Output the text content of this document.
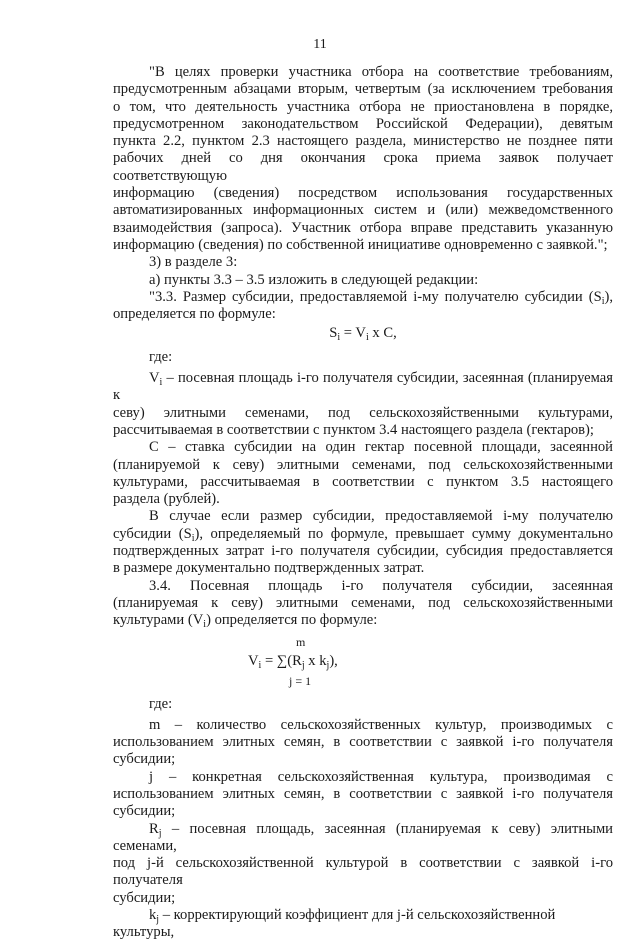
11

"В целях проверки участника отбора на соответствие требованиям,

предусмотренным абзацами вторым, четвертым (за исключением требования

о том, что деятельность участника отбора не приостановлена в порядке,

предусмотренном законодательством Российской Федерации), девятым

пункта 2.2, пунктом 2.3 настоящего раздела, министерство не позднее пяти

рабочих дней со дня окончания срока приема заявок получает соответствующую

информацию (сведения) посредством использования государственных

автоматизированных информационных систем и (или) межведомственного

взаимодействия (запроса). Участник отбора вправе представить указанную

информацию (сведения) по собственной инициативе одновременно с заявкой.";

3) в разделе 3:

а) пункты 3.3 – 3.5 изложить в следующей редакции:

"3.3. Размер субсидии, предоставляемой i-му получателю субсидии $(S_i)$,

определяется по формуле:

$S_i = V_i$ x C,

где:

$V_i$ – посевная площадь i-го получателя субсидии, засеянная (планируемая к

севу) элитными семенами, под сельскохозяйственными культурами,

рассчитываемая в соответствии с пунктом 3.4 настоящего раздела (гектаров);

С – ставка субсидии на один гектар посевной площади, засеянной

(планируемой к севу) элитными семенами, под сельскохозяйственными

культурами, рассчитываемая в соответствии с пунктом 3.5 настоящего

раздела (рублей).

В случае если размер субсидии, предоставляемой i-му получателю

субсидии $(S_i)$, определяемый по формуле, превышает сумму документально

подтвержденных затрат i-го получателя субсидии, субсидия предоставляется

в размере документально подтвержденных затрат.

3.4. Посевная площадь i-го получателя субсидии, засеянная

(планируемая к севу) элитными семенами, под сельскохозяйственными

культурами $(V_i)$ определяется по формуле:

m
$V_i = \sum(R_j$ x $k_j$),
j = 1

где:

m – количество сельскохозяйственных культур, производимых с

использованием элитных семян, в соответствии с заявкой i-го получателя

субсидии;

j – конкретная сельскохозяйственная культура, производимая с

использованием элитных семян, в соответствии с заявкой i-го получателя

субсидии;

$R_j$ – посевная площадь, засеянная (планируемая к севу) элитными семенами,

под j-й сельскохозяйственной культурой в соответствии с заявкой i-го получателя

субсидии;

$k_j$ – корректирующий коэффициент для j-й сельскохозяйственной культуры,
